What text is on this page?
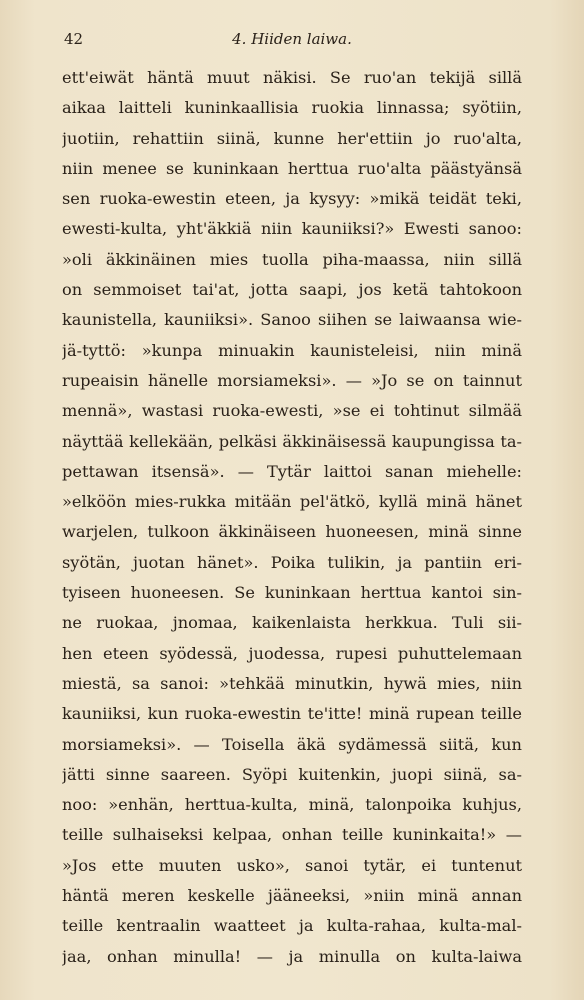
42	4. Hiiden laiwa.
ett'eiwät häntä muut näkisi. Se ruo'an tekijä sillä
aikaa laitteli kuninkaallisia ruokia linnassa; syötiin,
juotiin, rehattiin siinä, kunne her'ettiin jo ruo'alta,
niin menee se kuninkaan herttua ruo'alta päästyänsä
sen ruoka-ewestin eteen, ja kysyy: »mikä teidät teki,
ewesti-kulta, yht'äkkiä niin kauniiksi?» Ewesti sanoo:
»oli äkkinäinen mies tuolla piha-maassa, niin sillä
on semmoiset tai'at, jotta saapi, jos ketä tahtokoon
kaunistella, kauniiksi». Sanoo siihen se laiwaansa wie-
jä-tyttö: »kunpa minuakin kaunisteleisi, niin minä
rupeaisin hänelle morsiameksi». — »Jo se on tainnut
mennä», wastasi ruoka-ewesti, »se ei tohtinut silmää
näyttää kellekään, pelkäsi äkkinäisessä kaupungissa ta-
pettawan itsensä». — Tytär laittoi sanan miehelle:
»elköön mies-rukka mitään pel'ätkö, kyllä minä hänet
warjelen, tulkoon äkkinäiseen huoneesen, minä sinne
syötän, juotan hänet». Poika tulikin, ja pantiin eri-
tyiseen huoneesen. Se kuninkaan herttua kantoi sin-
ne ruokaa, jnomaa, kaikenlaista herkkua. Tuli sii-
hen eteen syödessä, juodessa, rupesi puhuttelemaan
miestä, sa sanoi: »tehkää minutkin, hywä mies, niin
kauniiksi, kun ruoka-ewestin te'itte! minä rupean teille
morsiameksi». — Toisella äkä sydämessä siitä, kun
jätti sinne saareen. Syöpi kuitenkin, juopi siinä, sa-
noo: »enhän, herttua-kulta, minä, talonpoika kuhjus,
teille sulhaiseksi kelpaa, onhan teille kuninkaita!» —
»Jos ette muuten usko», sanoi tytär, ei tuntenut
häntä meren keskelle jääneeksi, »niin minä annan
teille kentraalin waatteet ja kulta-rahaa, kulta-mal-
jaa, onhan minulla! — ja minulla on kulta-laiwa
